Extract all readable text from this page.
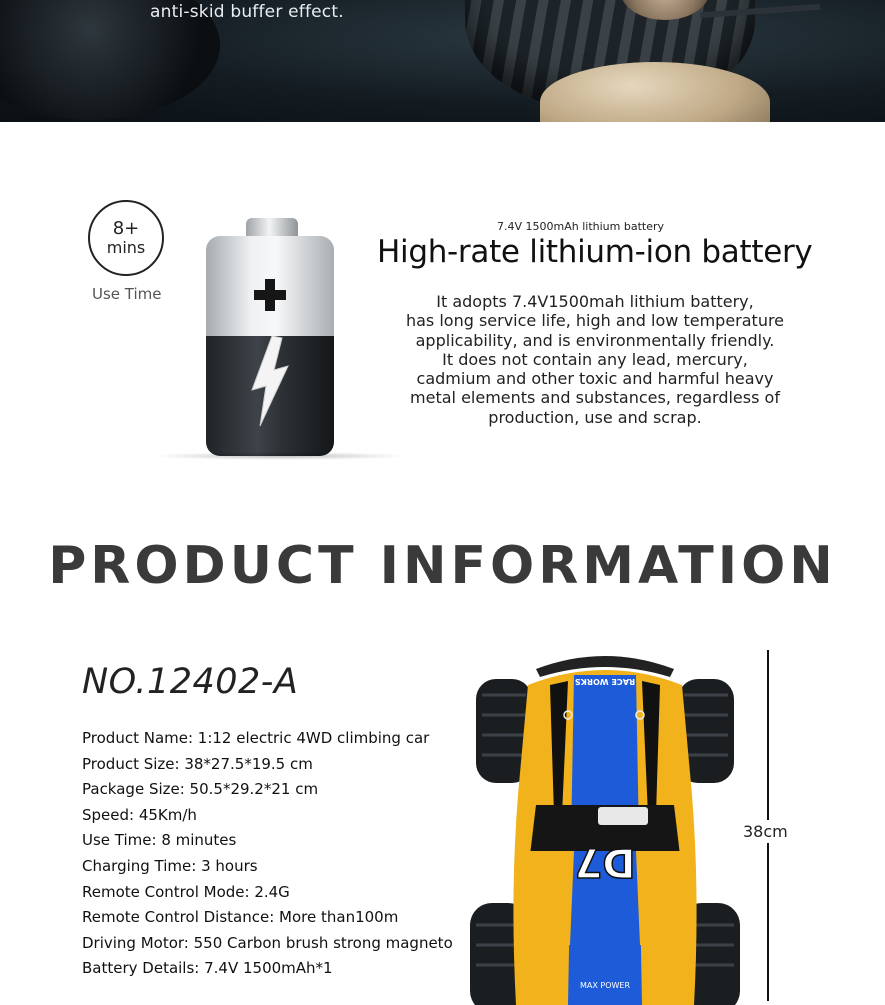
anti-skid buffer effect.
8+
mins
Use Time
7.4V 1500mAh lithium battery
High-rate lithium-ion battery
It adopts 7.4V1500mah lithium battery,
has long service life, high and low temperature
applicability, and is environmentally friendly.
It does not contain any lead, mercury,
cadmium and other toxic and harmful heavy
metal elements and substances, regardless of
production, use and scrap.
PRODUCT INFORMATION
NO.12402-A
Product Name: 1:12 electric 4WD climbing car
Product Size: 38*27.5*19.5 cm
Package Size: 50.5*29.2*21 cm
Speed: 45Km/h
Use Time: 8 minutes
Charging Time: 3 hours
Remote Control Mode: 2.4G
Remote Control Distance: More than100m
Driving Motor: 550 Carbon brush strong magneto
Battery Details: 7.4V 1500mAh*1
D7
RACE WORKS
MAX POWER
38cm
